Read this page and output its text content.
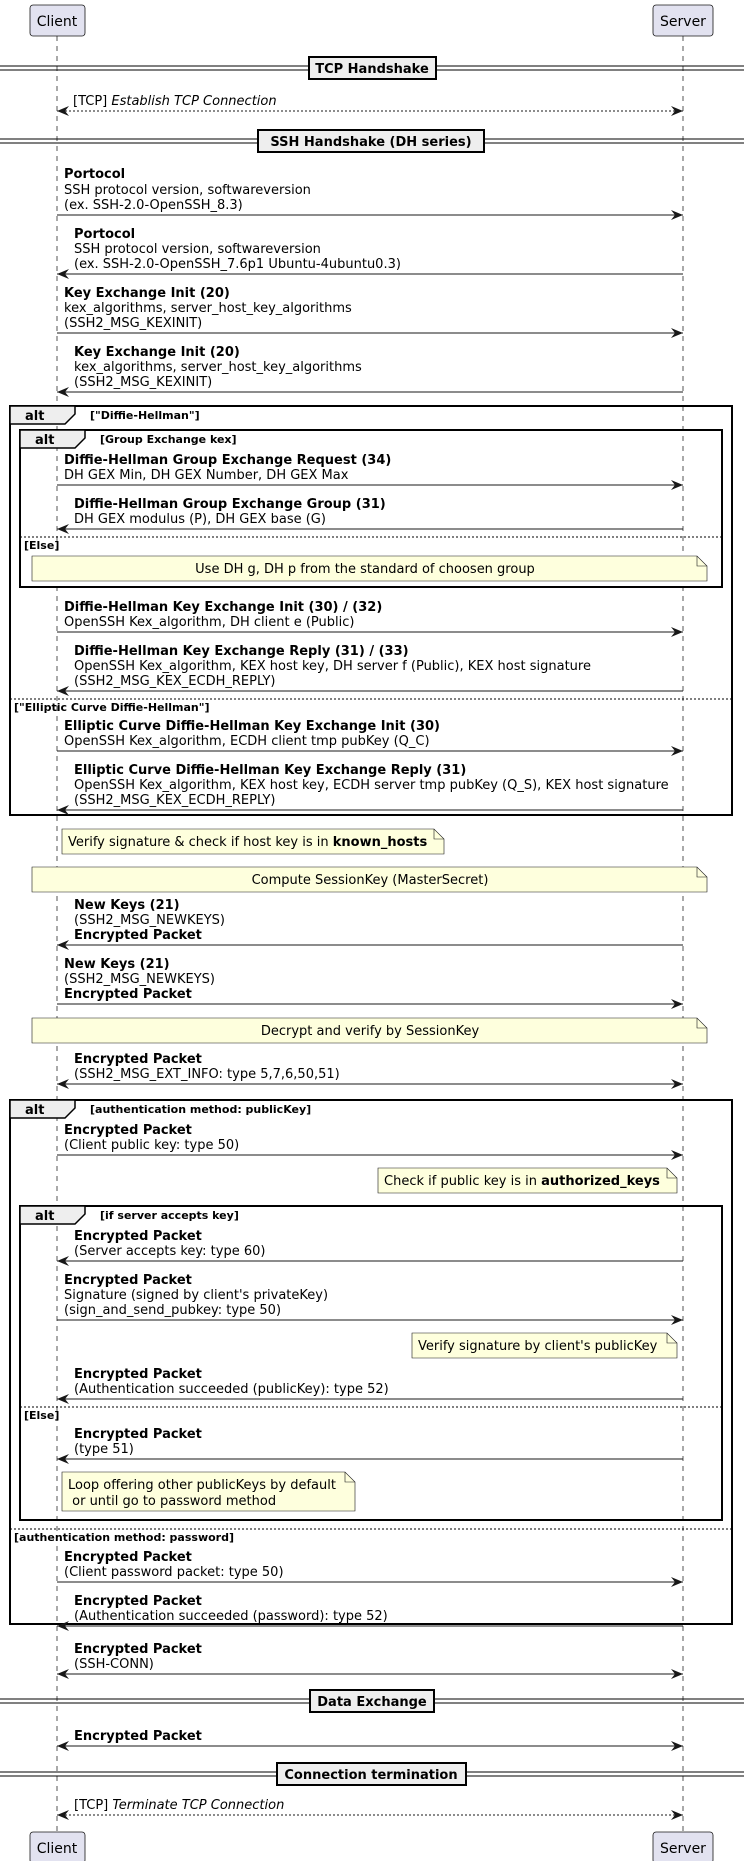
Client	Server
Client	Server
TCP Handshake
[TCP] Establish TCP Connection
SSH Handshake (DH series)
Portocol
SSH protocol version, softwareversion
(ex. SSH-2.0-OpenSSH_8.3)
Portocol
SSH protocol version, softwareversion
(ex. SSH-2.0-OpenSSH_7.6p1 Ubuntu-4ubuntu0.3)
Key Exchange Init (20)
kex_algorithms, server_host_key_algorithms
(SSH2_MSG_KEXINIT)
Key Exchange Init (20)
kex_algorithms, server_host_key_algorithms
(SSH2_MSG_KEXINIT)
alt	["Diffie-Hellman"]
alt	[Group Exchange kex]
Diffie-Hellman Group Exchange Request (34)
DH GEX Min, DH GEX Number, DH GEX Max
Diffie-Hellman Group Exchange Group (31)
DH GEX modulus (P), DH GEX base (G)
[Else]
Use DH g, DH p from the standard of choosen group
Diffie-Hellman Key Exchange Init (30) / (32)
OpenSSH Kex_algorithm, DH client e (Public)
Diffie-Hellman Key Exchange Reply (31) / (33)
OpenSSH Kex_algorithm, KEX host key, DH server f (Public), KEX host signature
(SSH2_MSG_KEX_ECDH_REPLY)
["Elliptic Curve Diffie-Hellman"]
Elliptic Curve Diffie-Hellman Key Exchange Init (30)
OpenSSH Kex_algorithm, ECDH client tmp pubKey (Q_C)
Elliptic Curve Diffie-Hellman Key Exchange Reply (31)
OpenSSH Kex_algorithm, KEX host key, ECDH server tmp pubKey (Q_S), KEX host signature
(SSH2_MSG_KEX_ECDH_REPLY)
Verify signature & check if host key is in known_hosts
Compute SessionKey (MasterSecret)
New Keys (21)
(SSH2_MSG_NEWKEYS)
Encrypted Packet
New Keys (21)
(SSH2_MSG_NEWKEYS)
Encrypted Packet
Decrypt and verify by SessionKey
Encrypted Packet
(SSH2_MSG_EXT_INFO: type 5,7,6,50,51)
alt	[authentication method: publicKey]
Encrypted Packet
(Client public key: type 50)
Check if public key is in authorized_keys
alt	[if server accepts key]
Encrypted Packet
(Server accepts key: type 60)
Encrypted Packet
Signature (signed by client's privateKey)
(sign_and_send_pubkey: type 50)
Verify signature by client's publicKey
Encrypted Packet
(Authentication succeeded (publicKey): type 52)
[Else]
Encrypted Packet
(type 51)
Loop offering other publicKeys by default
or until go to password method
[authentication method: password]
Encrypted Packet
(Client password packet: type 50)
Encrypted Packet
(Authentication succeeded (password): type 52)
Encrypted Packet
(SSH-CONN)
Data Exchange
Encrypted Packet
Connection termination
[TCP] Terminate TCP Connection
